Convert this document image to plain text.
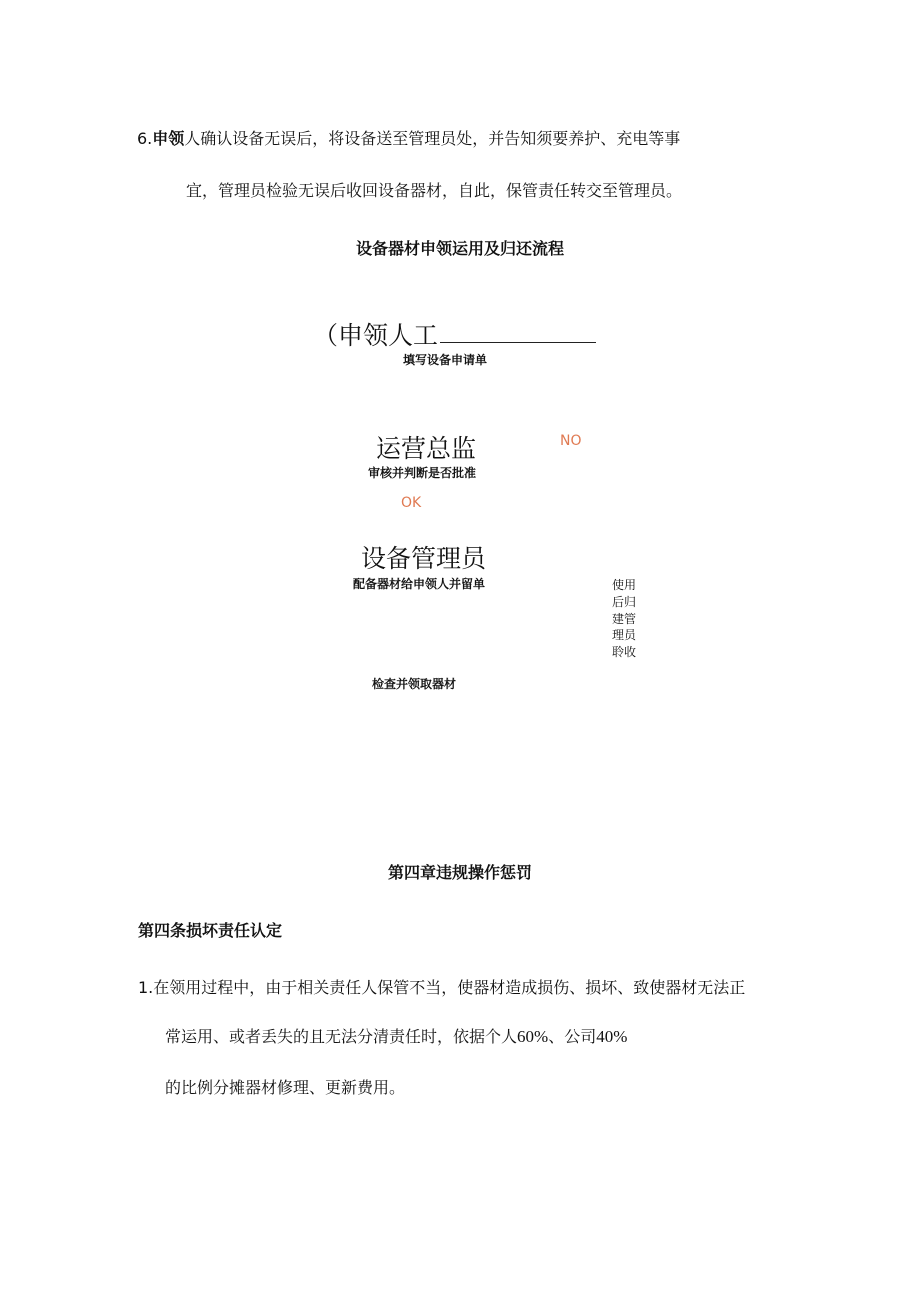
6.申领人确认设备无误后，将设备送至管理员处，并告知须要养护、充电等事
宜，管理员检验无误后收回设备器材，自此，保管责任转交至管理员。
设备器材申领运用及归还流程
（申领人工
填写设备申请单
运营总监	NO
审核并判断是否批准
OK
设备管理员
配备器材给申领人并留单	使用后归建管理员聆收
检查并领取器材
第四章违规操作惩罚
第四条损坏责任认定
1.在领用过程中，由于相关责任人保管不当，使器材造成损伤、损坏、致使器材无法正
常运用、或者丢失的且无法分清责任时，依据个人60%、公司40%
的比例分摊器材修理、更新费用。
